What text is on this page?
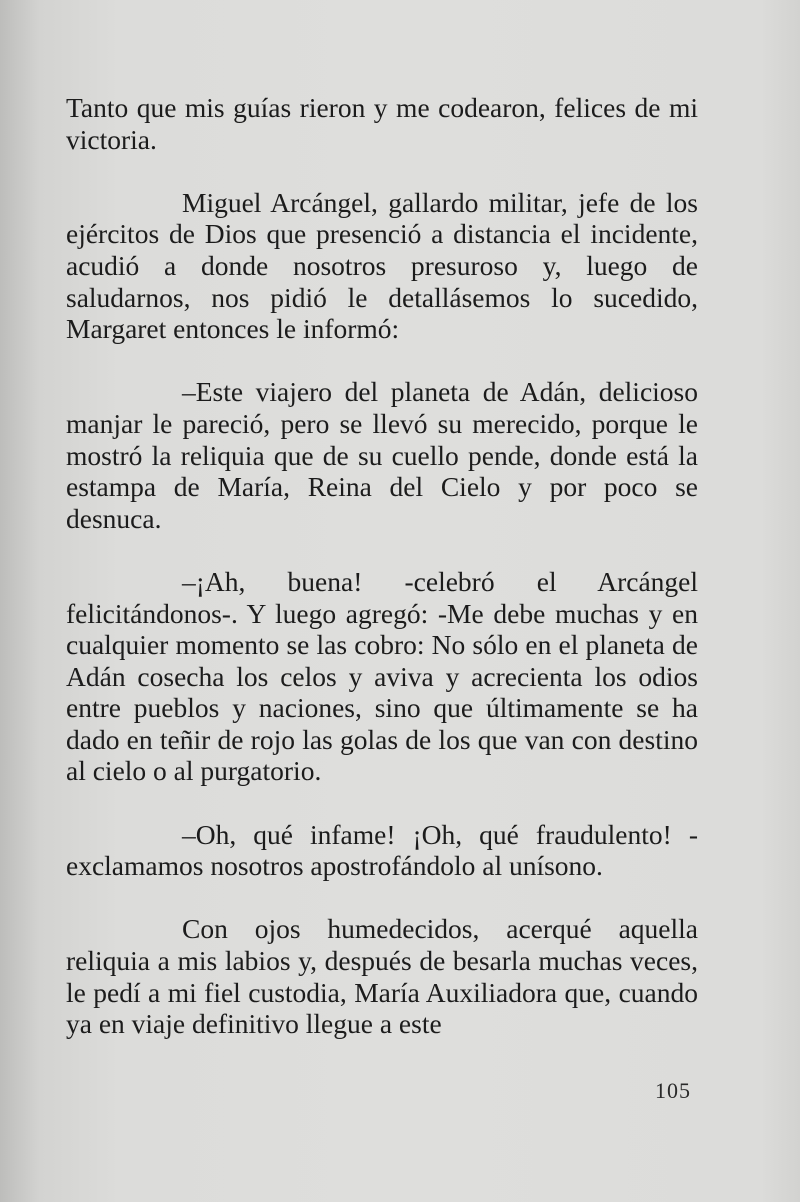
Tanto que mis guías rieron y me codearon, felices de mi victoria.

Miguel Arcángel, gallardo militar, jefe de los ejércitos de Dios que presenció a distancia el incidente, acudió a donde nosotros presuroso y, luego de saludarnos, nos pidió le detallásemos lo sucedido, Margaret entonces le informó:

–Este viajero del planeta de Adán, delicioso manjar le pareció, pero se llevó su merecido, porque le mostró la reliquia que de su cuello pende, donde está la estampa de María, Reina del Cielo y por poco se desnuca.

–¡Ah, buena! -celebró el Arcángel felicitándonos-. Y luego agregó: -Me debe muchas y en cualquier momento se las cobro: No sólo en el planeta de Adán cosecha los celos y aviva y acrecienta los odios entre pueblos y naciones, sino que últimamente se ha dado en teñir de rojo las golas de los que van con destino al cielo o al purgatorio.

–Oh, qué infame! ¡Oh, qué fraudulento! -exclamamos nosotros apostrofándolo al unísono.

Con ojos humedecidos, acerqué aquella reliquia a mis labios y, después de besarla muchas veces, le pedí a mi fiel custodia, María Auxiliadora que, cuando ya en viaje definitivo llegue a este

105
